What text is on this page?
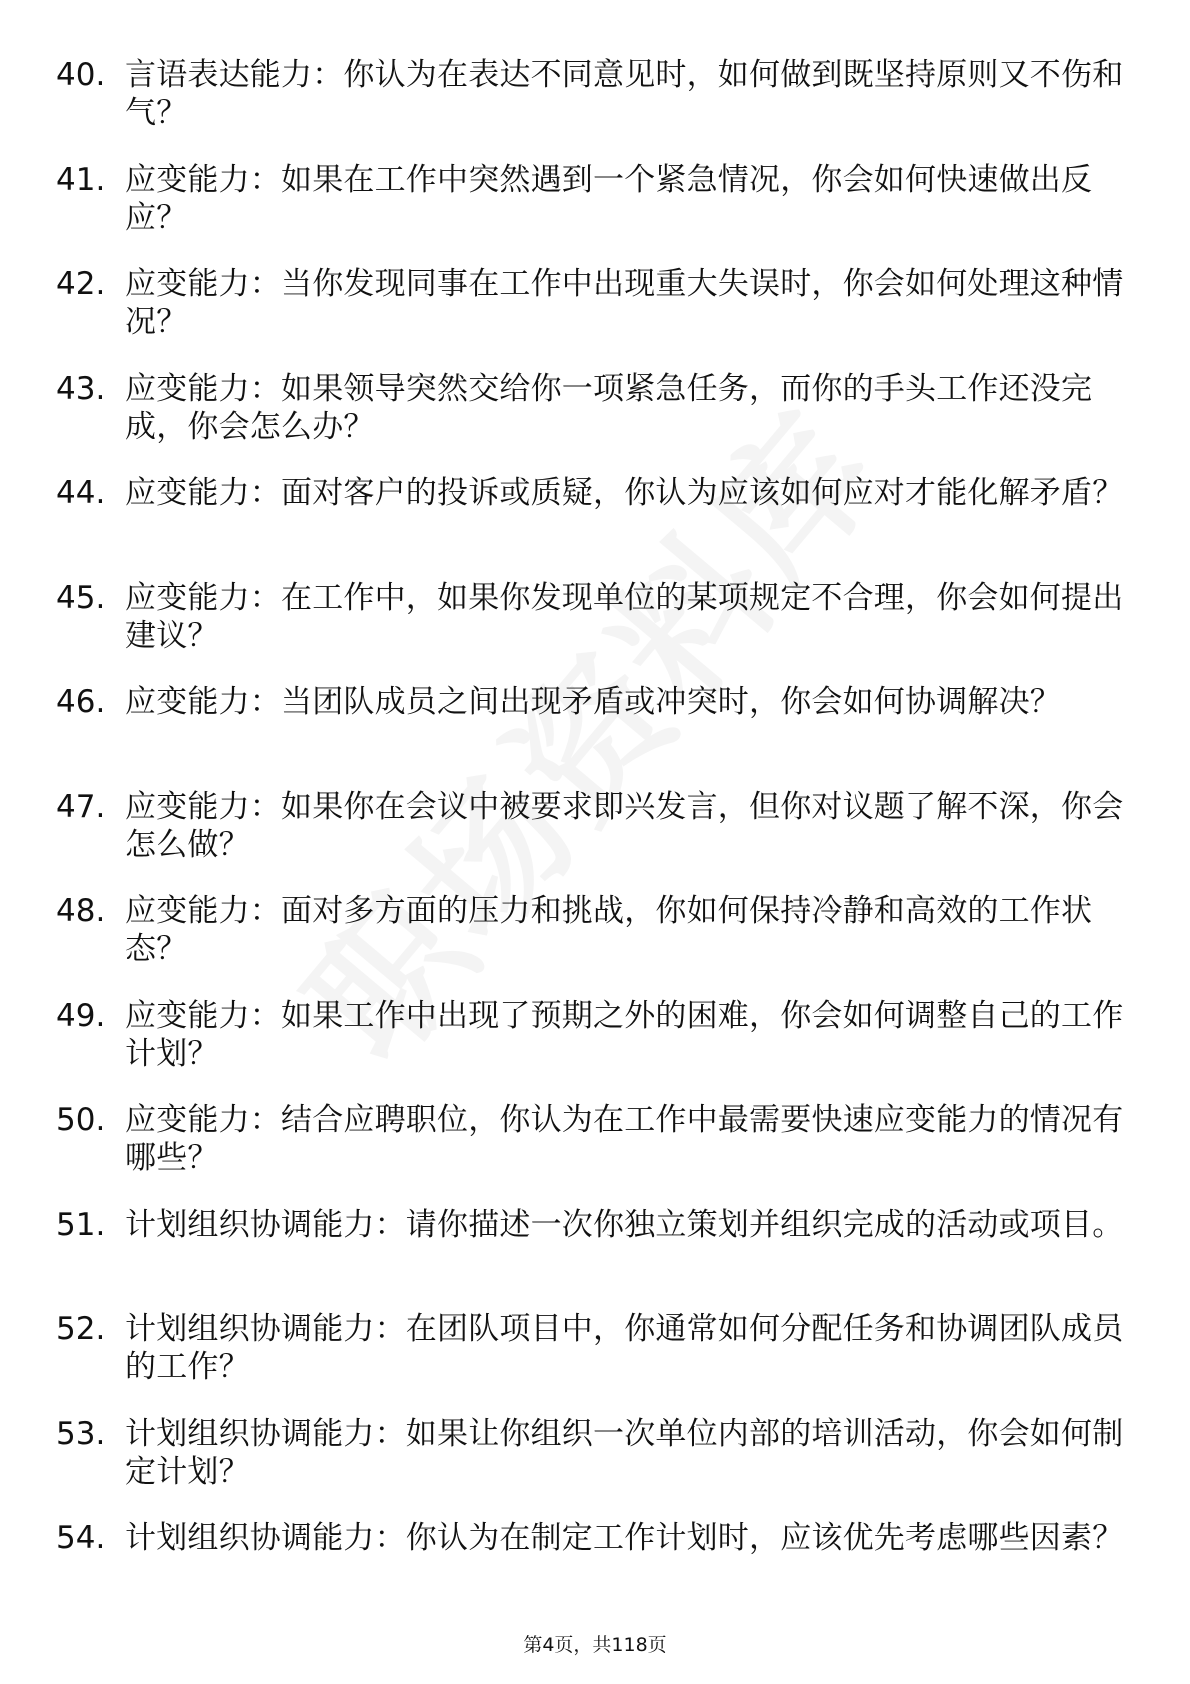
40. 言语表达能力：你认为在表达不同意见时，如何做到既坚持原则又不伤和气？
41. 应变能力：如果在工作中突然遇到一个紧急情况，你会如何快速做出反应？
42. 应变能力：当你发现同事在工作中出现重大失误时，你会如何处理这种情况？
43. 应变能力：如果领导突然交给你一项紧急任务，而你的手头工作还没完成，你会怎么办？
44. 应变能力：面对客户的投诉或质疑，你认为应该如何应对才能化解矛盾？
45. 应变能力：在工作中，如果你发现单位的某项规定不合理，你会如何提出建议？
46. 应变能力：当团队成员之间出现矛盾或冲突时，你会如何协调解决？
47. 应变能力：如果你在会议中被要求即兴发言，但你对议题了解不深，你会怎么做？
48. 应变能力：面对多方面的压力和挑战，你如何保持冷静和高效的工作状态？
49. 应变能力：如果工作中出现了预期之外的困难，你会如何调整自己的工作计划？
50. 应变能力：结合应聘职位，你认为在工作中最需要快速应变能力的情况有哪些？
51. 计划组织协调能力：请你描述一次你独立策划并组织完成的活动或项目。
52. 计划组织协调能力：在团队项目中，你通常如何分配任务和协调团队成员的工作？
53. 计划组织协调能力：如果让你组织一次单位内部的培训活动，你会如何制定计划？
54. 计划组织协调能力：你认为在制定工作计划时，应该优先考虑哪些因素？
第4页，共118页
